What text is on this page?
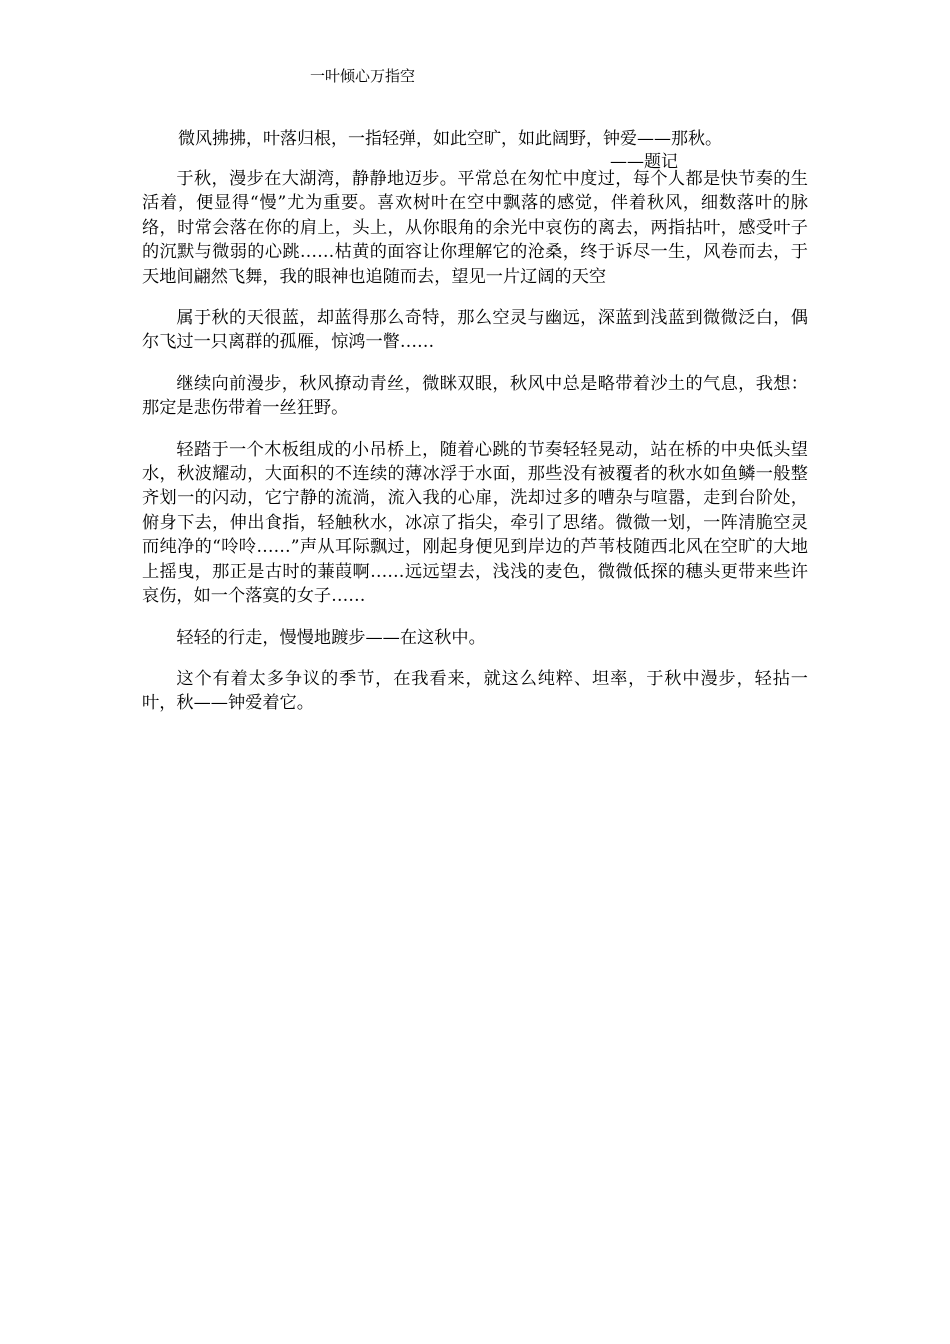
一叶倾心万指空
微风拂拂，叶落归根，一指轻弹，如此空旷，如此阔野，钟爱——那秋。
——题记

于秋，漫步在大湖湾，静静地迈步。平常总在匆忙中度过，每个人都是快节奏的生活着，便显得“慢”尤为重要。喜欢树叶在空中飘落的感觉，伴着秋风，细数落叶的脉络，时常会落在你的肩上，头上，从你眼角的余光中哀伤的离去，两指拈叶，感受叶子的沉默与微弱的心跳……枯黄的面容让你理解它的沧桑，终于诉尽一生，风卷而去，于天地间翩然飞舞，我的眼神也追随而去，望见一片辽阔的天空

属于秋的天很蓝，却蓝得那么奇特，那么空灵与幽远，深蓝到浅蓝到微微泛白，偶尔飞过一只离群的孤雁，惊鸿一瞥……

继续向前漫步，秋风撩动青丝，微眯双眼，秋风中总是略带着沙土的气息，我想：那定是悲伤带着一丝狂野。

轻踏于一个木板组成的小吊桥上，随着心跳的节奏轻轻晃动，站在桥的中央低头望水，秋波耀动，大面积的不连续的薄冰浮于水面，那些没有被覆者的秋水如鱼鳞一般整齐划一的闪动，它宁静的流淌，流入我的心扉，洗却过多的嘈杂与喧嚣，走到台阶处，俯身下去，伸出食指，轻触秋水，冰凉了指尖，牵引了思绪。微微一划，一阵清脆空灵而纯净的“呤呤……”声从耳际飘过，刚起身便见到岸边的芦苇枝随西北风在空旷的大地上摇曳，那正是古时的蒹葭啊……远远望去，浅浅的麦色，微微低探的穗头更带来些许哀伤，如一个落寞的女子……

轻轻的行走，慢慢地踱步——在这秋中。

这个有着太多争议的季节，在我看来，就这么纯粹、坦率，于秋中漫步，轻拈一叶，秋——钟爱着它。
